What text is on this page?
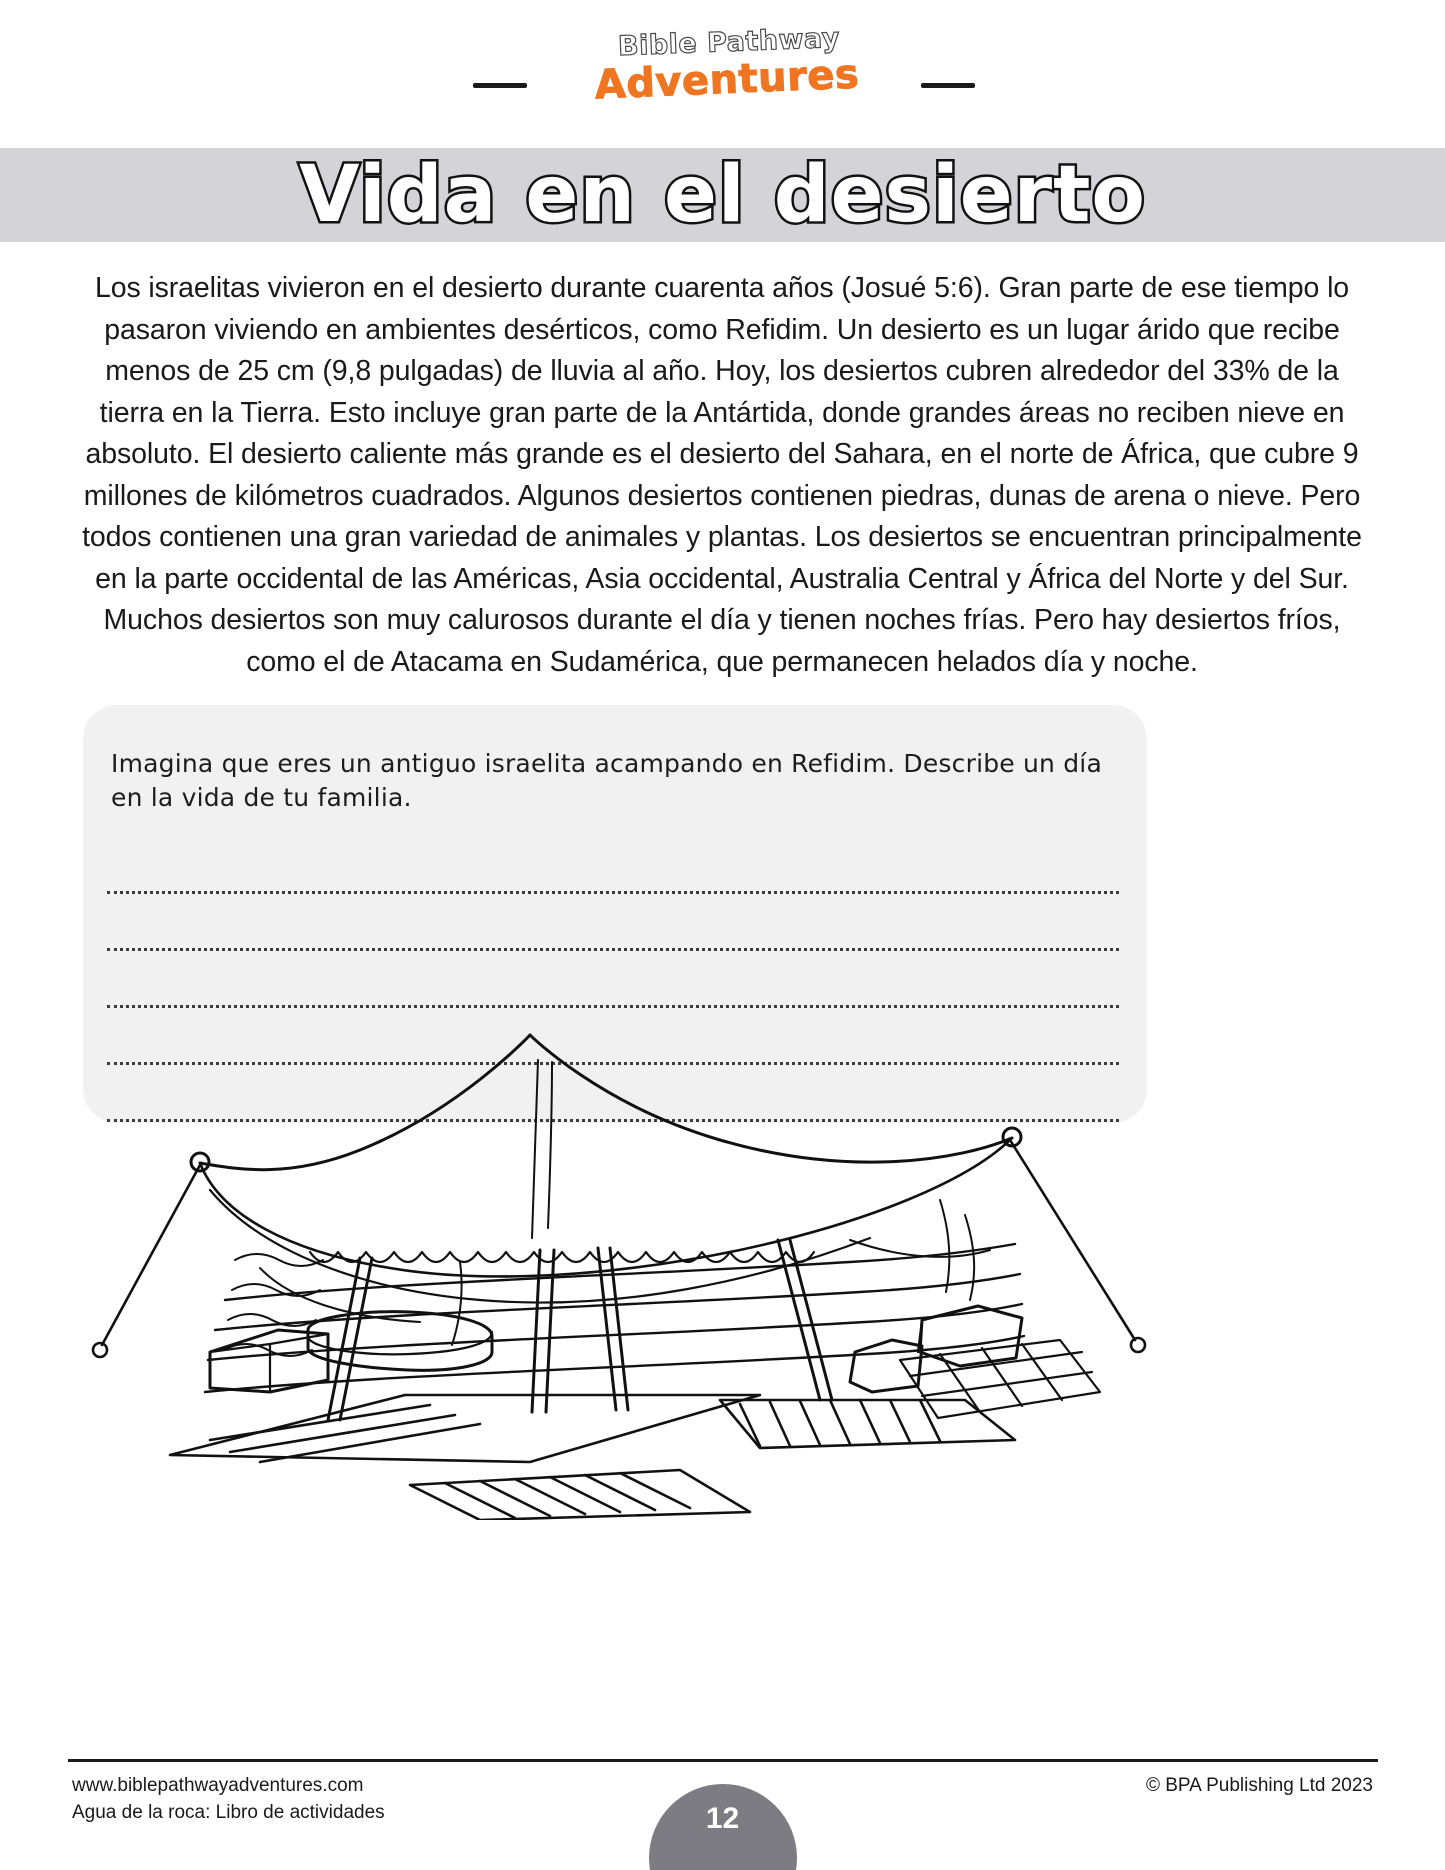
Bible Pathway
Adventures
Vida en el desierto
Los israelitas vivieron en el desierto durante cuarenta años (Josué 5:6). Gran parte de ese tiempo lo pasaron viviendo en ambientes desérticos, como Refidim. Un desierto es un lugar árido que recibe menos de 25 cm (9,8 pulgadas) de lluvia al año. Hoy, los desiertos cubren alrededor del 33% de la tierra en la Tierra. Esto incluye gran parte de la Antártida, donde grandes áreas no reciben nieve en absoluto. El desierto caliente más grande es el desierto del Sahara, en el norte de África, que cubre 9 millones de kilómetros cuadrados. Algunos desiertos contienen piedras, dunas de arena o nieve. Pero todos contienen una gran variedad de animales y plantas. Los desiertos se encuentran principalmente en la parte occidental de las Américas, Asia occidental, Australia Central y África del Norte y del Sur. Muchos desiertos son muy calurosos durante el día y tienen noches frías. Pero hay desiertos fríos, como el de Atacama en Sudamérica, que permanecen helados día y noche.
Imagina que eres un antiguo israelita acampando en Refidim. Describe un día en la vida de tu familia.
www.biblepathwayadventures.com
Agua de la roca: Libro de actividades
© BPA Publishing Ltd 2023
12
